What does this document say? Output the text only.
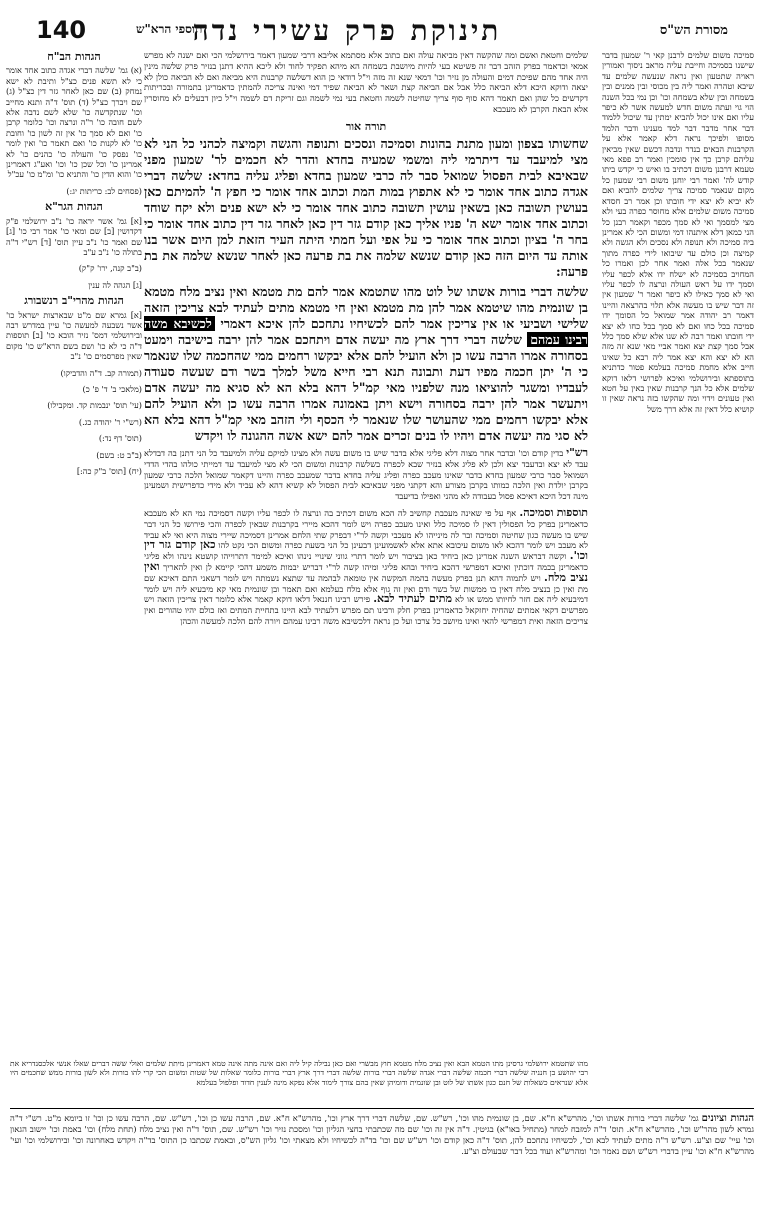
140	תוספי הרא"ש
תינוקת פרק עשירי נדה	מסורת הש"ס
סמיכה משום שלמים לרבנן קאי ר' שמעון בדבר שישנו בסמיכה וחייבת עליה מראב ניסוך ואמורין ראויה שתטעון ואין נראה שנעשה שלמים עד שיבא וטהרה ואמר ליה בין מכוסי ובין ממנים ובין בשמחה ובין שלא בשמחה וכו' וכן נמי בכל השנה הוי גוי ועתה משום חדש למעשה אשר לא כיפר עליו ואם אינו יכול להביא ימתין עד שיכול ללמוד דבר אחר מדבר דבר למד מענינו ודבר הלמד מסופו ולפיכך נראה דלא קאמר אלא על הקרבנות הבאים בנדר ונדבה דכשם שאין מביאין עליהם קרבן כך אין סומכין ואמר רב פפא מאי טעמא דרבנן משום דכתיב בו ואיש כי יקדש ביתו קודש לה' ואמר רבי יוחנן משום רבי שמעון כל מקום שנאמר סמיכה צריך שלמים להביא ואם לא יביא לא יצא ידי חובתו וכן אמר רב חסדא סמיכה משום שלמים אלא מחוסר כפרה בעי ולא מצי למסמך ואי לא סמך מכפר וקאמר רבנן כל הני כמאן דלא איתנהו דמי ומשום הכי לא אמרינן ביה סמיכה ולא תנופה ולא נסכים ולא הגשה ולא קמיצה וכן כולם עד שיבואו לידי כפרה מתוך שנאמר בכל אלה ואמר אחר לכן ואמרו כל המחויב בסמיכה לא ישלח ידו אלא לכפר עליו וסמך ידו על ראש העולה ונרצה לו לכפר עליו ואי לא סמך כאילו לא כיפר ואמר ר' שמעון אין זה דבר שיש בו מעשה אלא תלוי בהרצאה והיינו דאמר רב יהודה אמר שמואל כל הסומך ידו סמיכה בכל כחו ואם לא סמך בכל כחו לא יצא ידי חובתו ואמר רבה לא שנו אלא שלא סמך כלל אבל סמך קצת יצא ואמר אביי מאי שנא זה מזה הא לא יצא והא יצא אמר ליה רבא כל שאינו חייב אלא מחמת סמיכה בעלמא פטור כדתניא בתוספתא ובירושלמי ואיכא לפרושי דלאו דוקא שלמים אלא כל הנך קרבנות שאין באין על חטא ואין טעונים וידוי ומה שהקשו בזה נראה שאין זו קושיא כלל דאין זה אלא דרך משל
שלמים וחטאת ואשם ומה שהקשה דאין מביאה עולה ואם כתוב אלא מסתמא אליבא דרבי שמעון דאמר בירושלמי הכי ואם ישנה לא מפרש אמאי וכדאמר בפרק הזהב דבר זה פשיטא בעי להיות מיושבת בשמחה הא מיהא תפקיד לחוד ולא ליכא ההיא דתנן בנזיר פרק שלשה מינין היה אחד מהם שפיכת דמים והעולה מן נזיר וכו' דמאי שנא זה מזה וי"ל דודאי כן הוא דשלשה קרבנות היא מביאה ואם לא הביאה כולן לא יצאה ודוקא היכא דלא הביאה כלל אבל אם הביאה קצת ושאר לא הביאה שפיר דמי ואינה צריכה להמתין כדאמרינן בתמורה ובכריתות דקדשים כל שהן ואם תאמר דהא סוף סוף צריך שחיטה לשמה וחטאת בעי נמי לשמה וגם זריקת דם לשמה וי"ל כיון דבעלים לא מחוסרין אלא הבאת הקרבן לא מעכבא
תורה אור
שחשותו בצפון ומעון מתנת בהונות וסמיכה ונסכים ותנופה והגשה וקמיצה לכהני כל הני לא מצי למיעבד עד דיתרמי ליה ומשמי שמעיה בחדא והדר לא חכמים לר' שמעון מפני שבאיבא לבית הפסול שמואל סבר לה כרבי שמעון בחדא ופליג עליה בחדא: שלשה דברי אגדה כתוב אחד אומר כי לא אתפוץ במות המת וכתוב אחד אומר כי חפץ ה' להמיתם כאן בעושין תשובה כאן בשאין עושין תשובה כתוב אחד אומר כי לא ישא פנים ולא יקח שוחד וכתוב אחד אומר ישא ה' פניו אליך כאן קודם גזר דין כאן לאחר גזר דין כתוב אחד אומר כי בחר ה' בציון וכתוב אחד אומר כי על אפי ועל חמתי היתה העיר הזאת למן היום אשר בנו אותה עד היום הזה כאן קודם שנשא שלמה את בת פרעה כאן לאחר שנשא שלמה את בת פרעה:
שלשה דברי בורות אשתו של לוט מהו שתטמא אמר להם מת מטמא ואין נציב מלח מטמא בן שונמית מהו שיטמא אמר להן מת מטמא ואין חי מטמא מתים לעתיד לבא צריכין הזאה שלישי ושביעי או אין צריכין אמר להם לכשיחיו נתחכם להן איכא דאמרי לכשיבא משה רבינו עמהם שלשה דברי דרך ארץ מה יעשה אדם ויתחכם אמר להן ירבה בישיבה וימעט בסחורה אמרו הרבה עשו כן ולא הועיל להם אלא יבקשו רחמים ממי שהחכמה שלו שנאמר כי ה' יתן חכמה מפיו דעת ותבונה תנא רבי חייא משל למלך בשר ודם שעשה סעודה לעבדיו ומשגר להוציאו מנה שלפניו מאי קמ"ל דהא בלא הא לא סגיא מה יעשה אדם ויתעשר אמר להן ירבה בסחורה וישא ויתן באמונה אמרו הרבה עשו כן ולא הועיל להם אלא יבקשו רחמים ממי שהעושר שלו שנאמר לי הכסף ולי הזהב מאי קמ"ל דהא בלא הא לא סגי מה יעשה אדם ויהיו לו בנים זכרים אמר להם ישא אשה ההגונה לו ויקדש
רש"י בדין קודם וכו' ובדבר אחר מצוה דלא פליגי אלא בדבר שיש בו משום עשה ולא מצינו למיקם עליה ולמיעבד כל הני דתנן בה דבדלא עבד לא יצא ובדעבד יצא ולכן לא פליג אלא בנזיר שבא לכפרה בשלשה קרבנות ומשום הכי לא מצי למיעבד עד דמייתי כולהו בהדי הדדי ושמואל סבר כרבי שמעון בחדא בדבר שאינו מעכב כפרה ופליג עליה בחדא בדבר שמעכב כפרה והיינו דקאמר שמואל הלכה כרבי שמעון בקרבן יולדת ואין הלכה כמותו בקרבן מצורע והא דקתני מפני שבאיבא לבית הפסול לא קשיא דהא לא עביד ולא מידי כדפרישית ושמעינן מינה דכל היכא דאיכא פסול בעבודה לא מהני ואפילו בדיעבד
תוספות וסמיכה. אף על פי שאינה מעכבת קחשיב לה הכא משום דכתיב בה ונרצה לו לכפר עליו וקשה דסמיכה נמי הא לא מעכבא כדאמרינן בפרק כל הפסולין דאין לו סמיכה כלל ואינו מעכב כפרה ויש לומר דהכא מיירי בקרבנות שבאין לכפרה והכי פירושו כל הני דבר שיש בו מעשה כגון שחיטה וסמיכה ובר לה מינייהו לא מעכבי וקשה לר"י דבפרק שתי הלחם אמרינן דסמיכה שיירי מצוה היא ואי לא עביד לא מעכב ויש לומר דהכא לאו משום עיכובא אתא אלא לאשמועינן דבעינן כל הני בשעת כפרה ומשום הכי נקט להו כאן קודם גזר דין וכו'. וקשה דבראש השנה אמרינן כאן ביחיד כאן בציבור ויש לומר דתרי גווני שינויי נינהו ואיכא למימר דתרוייהו קושטא נינהו ולא פליגי כדאמרינן בכמה דוכתין ואיכא דמפרשי דהכא ביחיד ובהא פליגי ומיהו קשה לר"י דבריש יבמות משמע דהכי קיימא לן ואין להאריך ואין נציב מלח. ויש לתמוה דהא תנן בפרק מעשה בהמה המקשה אין טומאה לבהמה עד שתצא נשמתה ויש לומר דשאני התם דאיכא שם מת ואין כן בנציב מלח דאין בו ממשות של בשר ודם ואין זה גוף אלא מלח בעלמא ואם תאמר ובן שונמית מאי קא מיבעיא ליה ויש לומר דמיבעיא ליה אם חזר לחיותו ממש או לא מתים לעתיד לבא. פירש רבינו חננאל דלאו דוקא קאמר אלא כלומר דאין צריכין הזאה ויש מפרשים דקאי אמתים שהחיה יחזקאל כדאמרינן בפרק חלק ורבינו תם מפרש דלעתיד לבא היינו בתחיית המתים ואז כולם יהיו טהורים ואין צריכים הזאה ואית דמפרשי להאי ואינו מיושב כל צרכו ועל כן נראה דלכשיבא משה רבינו עמהם ויורה להם הלכה למעשה והכהן
הגהות הב"ח
(א) גמ' שלשה דברי אגדה כתוב אחד אומר כי לא תשא פנים כצ"ל ותיבת לא ישא נמחק (ב) שם כאן לאחר גזר דין כצ"ל (ג) שם ויברך כצ"ל (ד) תוס' ד"ה ותנא מחייב וכו' שנתקדשה כו' שלא לשם נדבה אלא לשם חובה כו' ר"ה ונרצה וכו' כלומר קרבן כו' ואם לא סמך כו' אין זה לשון כו' וחובת כו' לא לקנות כו' ואם תאמר כו' ואין לומר כו' נפסק כו' והעולה כו' כהנים כו' לא אמרינן כו' וכל שכן כו' וכו' ואע"ג דאמרינן כו' והוא הדין כו' והתניא כו' ומ"מ כו' עכ"ל
(פסחים לב: כריתות יג:)
הגהות הגר"א
[א] גמ' אשר יראה כו' נ"ב ירושלמי פ"ק דקדושין [ב] שם ומאי כו' אמר רבי כו' [ג] שם ואמר כו' נ"ב עיין תוס' [ד] רש"י ד"ה בתולה כו' נ"ב ע"ב
(ב"ב קנה, ירו' ק"ק)
[ג] הגהה לה ענין
הגהות מהרי"ב רנשבורג
[א] גמרא שם מ"ט שבארצות ישראל כו' אשר נשבעה למעשה כו' עיין במדרש רבה ובירושלמי דמס' נזיר הובא כו' [ב] תוספות ד"ה כי לא כו' ושם בשם הרא"ש כו' מקום שאין מפרסמים כו' נ"ב
(תמורה קב. ד"ה והדביקו)
(מלאכי ב' ד' פ' כ)
(עי' תוס' ינבמות קד. ומקבילו)
(רש"י ר' יהודה כג.)
(תוס' דף נד:)
(ב"ב ט: בשם)
(יח) [תוס' ב"ק כה:]
מהו שתטמא ירושלמי גרסינן מתו הטמא הבא ואין נציב מלח מטמא חוץ מבשרי ואם כאן נבילה קיל ליה ואם אינה מתה אינה טמא דאמרינן מיתת שלמים ואולי ששה דברים שאלו אנשי אלכסנדריא את רבי יהושע בן חנניה שלשה דברי חכמה שלשה דברי אגדה שלשה דברי בורות שלשה דברי דרך ארץ דברי בורות כלומר שאלות של שטות ומשום הכי קרי להו בורות ולא לשון בורות ממש שחכמים היו אלא שנראים כשאלות של חנם כגון אשתו של לוט ובן שונמית ודומיהן שאין בהם צורך לימוד אלא נפקא מינה לענין חדוד ופלפול בעלמא
הגהות וציונים גמ' שלשה דברי בורות אשתו וכו', מהרש"א ח"א. שם, בן שונמית מהו וכו', רש"ש. שם, שלשה דברי דרך ארץ וכו', מהרש"א ח"א. שם, הרבה עשו כן וכו', רש"ש. שם, הרבה עשו כן וכו' זו ביומא מ"ט. רש"י ד"ה גמרא לשון מהר"ש וכו', מהרש"א ח"א. תוס' ד"ה למזבח למחר (מתחיל באו"א) בגיטין. ד"ה אין זה וכו' שם מה שכתבתי בחצי הגליון וכו' ומסכת נזיר וכו' רש"ש. שם, תוס' ד"ה ואין נציב מלח (תחת מלח) וכו' באמת וכו' יישוב הגאון וכו' עיי' שם וצ"ע. רש"ש ד"ה מתים לעתיד לבא וכו', לכשיחיו נתחכם להן, תוס' ד"ה כאן קודם וכו' רש"ש שם וכו' בד"ה לכשיחיו ולא מצאתי וכו' גליון הש"ס, ובאמת שכתבו כן התוס' בד"ה ויקדש באחרונה וכו' ובירושלמי וכו' ועי' מהרש"א ח"א וכו' עיין בדברי רש"ש ושם נאמר וכו' ומהרש"א ועוד בכל דבר שבעולם וצ"ע.
